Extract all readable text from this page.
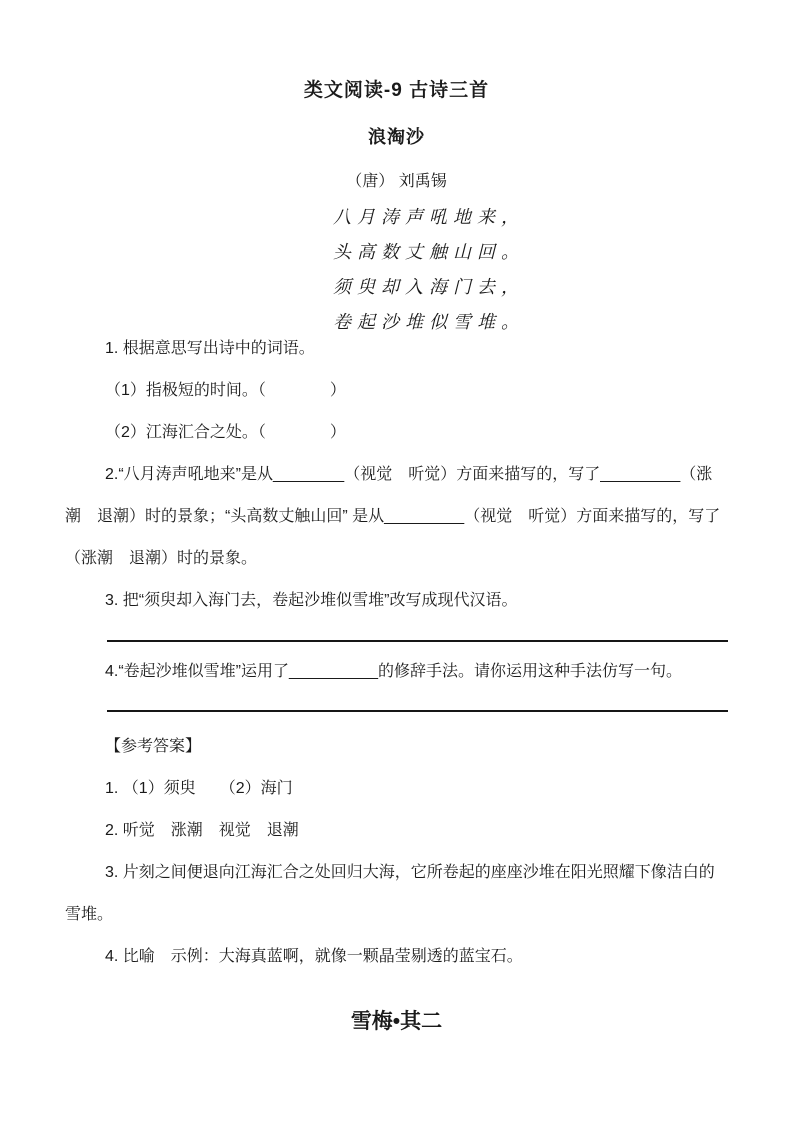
类文阅读-9 古诗三首
浪淘沙
（唐） 刘禹锡
八月涛声吼地来，
头高数丈触山回。
须臾却入海门去，
卷起沙堆似雪堆。

1. 根据意思写出诗中的词语。

（1）指极短的时间。（　　　　）

（2）江海汇合之处。（　　　　）

2.“八月涛声吼地来”是从________（视觉　听觉）方面来描写的，写了_________（涨潮　退潮）时的景象；“头高数丈触山回” 是从_________（视觉　听觉）方面来描写的，写了（涨潮　退潮）时的景象。

3. 把“须臾却入海门去，卷起沙堆似雪堆”改写成现代汉语。

4.“卷起沙堆似雪堆”运用了__________的修辞手法。请你运用这种手法仿写一句。

【参考答案】

1. （1）须臾　　（2）海门

2. 听觉　涨潮　视觉　退潮

3. 片刻之间便退向江海汇合之处回归大海，它所卷起的座座沙堆在阳光照耀下像洁白的雪堆。

4. 比喻　示例：大海真蓝啊，就像一颗晶莹剔透的蓝宝石。

雪梅•其二
